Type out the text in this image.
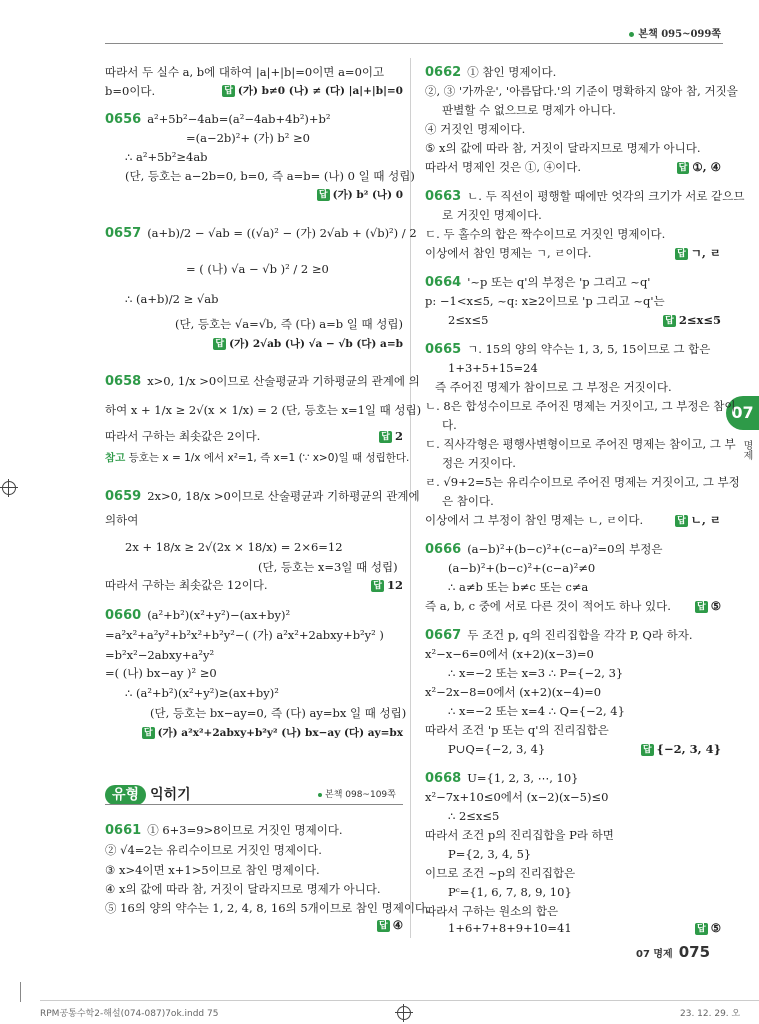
본책 095~099쪽
07
명제
따라서 두 실수 a, b에 대하여 |a|+|b|=0이면 a=0이고
b=0이다.	답 (가) b≠0 (나) ≠ (다) |a|+|b|=0
0656 a²+5b²−4ab=(a²−4ab+4b²)+b²
=(a−2b)²+ (가) b² ≥0
∴ a²+5b²≥4ab
(단, 등호는 a−2b=0, b=0, 즉 a=b= (나) 0 일 때 성립)
답 (가) b² (나) 0
0657 (a+b)/2 − √ab = ((√a)² − (가) 2√ab + (√b)²) / 2
= ( (나) √a − √b )² / 2 ≥0
∴ (a+b)/2 ≥ √ab
(단, 등호는 √a=√b, 즉 (다) a=b 일 때 성립)
답 (가) 2√ab (나) √a − √b (다) a=b
0658 x>0, 1/x >0이므로 산술평균과 기하평균의 관계에 의
하여 x + 1/x ≥ 2√(x × 1/x) = 2 (단, 등호는 x=1일 때 성립)
따라서 구하는 최솟값은 2이다.	답 2
참고 등호는 x = 1/x 에서 x²=1, 즉 x=1 (∵ x>0)일 때 성립한다.
0659 2x>0, 18/x >0이므로 산술평균과 기하평균의 관계에
의하여
2x + 18/x ≥ 2√(2x × 18/x) = 2×6=12
(단, 등호는 x=3일 때 성립)
따라서 구하는 최솟값은 12이다.	답 12
0660 (a²+b²)(x²+y²)−(ax+by)²
=a²x²+a²y²+b²x²+b²y²−( (가) a²x²+2abxy+b²y² )
=b²x²−2abxy+a²y²
=( (나) bx−ay )² ≥0
∴ (a²+b²)(x²+y²)≥(ax+by)²
(단, 등호는 bx−ay=0, 즉 (다) ay=bx 일 때 성립)
답 (가) a²x²+2abxy+b²y² (나) bx−ay (다) ay=bx
유형 익히기	본책 098~109쪽
0661 ① 6+3=9>8이므로 거짓인 명제이다.
② √4=2는 유리수이므로 거짓인 명제이다.
③ x>4이면 x+1>5이므로 참인 명제이다.
④ x의 값에 따라 참, 거짓이 달라지므로 명제가 아니다.
⑤ 16의 양의 약수는 1, 2, 4, 8, 16의 5개이므로 참인 명제이다.
답 ④
0662 ① 참인 명제이다.
②, ③ '가까운', '아름답다.'의 기준이 명확하지 않아 참, 거짓을
판별할 수 없으므로 명제가 아니다.
④ 거짓인 명제이다.
⑤ x의 값에 따라 참, 거짓이 달라지므로 명제가 아니다.
따라서 명제인 것은 ①, ④이다.	답 ①, ④
0663 ㄴ. 두 직선이 평행할 때에만 엇각의 크기가 서로 같으므
로 거짓인 명제이다.
ㄷ. 두 홀수의 합은 짝수이므로 거짓인 명제이다.
이상에서 참인 명제는 ㄱ, ㄹ이다.	답 ㄱ, ㄹ
0664 '~p 또는 q'의 부정은 'p 그리고 ~q'
p: −1<x≤5, ~q: x≥2이므로 'p 그리고 ~q'는
2≤x≤5	답 2≤x≤5
0665 ㄱ. 15의 양의 약수는 1, 3, 5, 15이므로 그 합은
1+3+5+15=24
즉 주어진 명제가 참이므로 그 부정은 거짓이다.
ㄴ. 8은 합성수이므로 주어진 명제는 거짓이고, 그 부정은 참이
다.
ㄷ. 직사각형은 평행사변형이므로 주어진 명제는 참이고, 그 부
정은 거짓이다.
ㄹ. √9+2=5는 유리수이므로 주어진 명제는 거짓이고, 그 부정
은 참이다.
이상에서 그 부정이 참인 명제는 ㄴ, ㄹ이다.	답 ㄴ, ㄹ
0666 (a−b)²+(b−c)²+(c−a)²=0의 부정은
(a−b)²+(b−c)²+(c−a)²≠0
∴ a≠b 또는 b≠c 또는 c≠a
즉 a, b, c 중에 서로 다른 것이 적어도 하나 있다.	답 ⑤
0667 두 조건 p, q의 진리집합을 각각 P, Q라 하자.
x²−x−6=0에서 (x+2)(x−3)=0
∴ x=−2 또는 x=3 ∴ P={−2, 3}
x²−2x−8=0에서 (x+2)(x−4)=0
∴ x=−2 또는 x=4 ∴ Q={−2, 4}
따라서 조건 'p 또는 q'의 진리집합은
P∪Q={−2, 3, 4}	답 {−2, 3, 4}
0668 U={1, 2, 3, ⋯, 10}
x²−7x+10≤0에서 (x−2)(x−5)≤0
∴ 2≤x≤5
따라서 조건 p의 진리집합을 P라 하면
P={2, 3, 4, 5}
이므로 조건 ~p의 진리집합은
Pᶜ={1, 6, 7, 8, 9, 10}
따라서 구하는 원소의 합은
1+6+7+8+9+10=41	답 ⑤
07 명제 075
RPM공통수학2-해설(074-087)7ok.indd 75	23. 12. 29. 오
